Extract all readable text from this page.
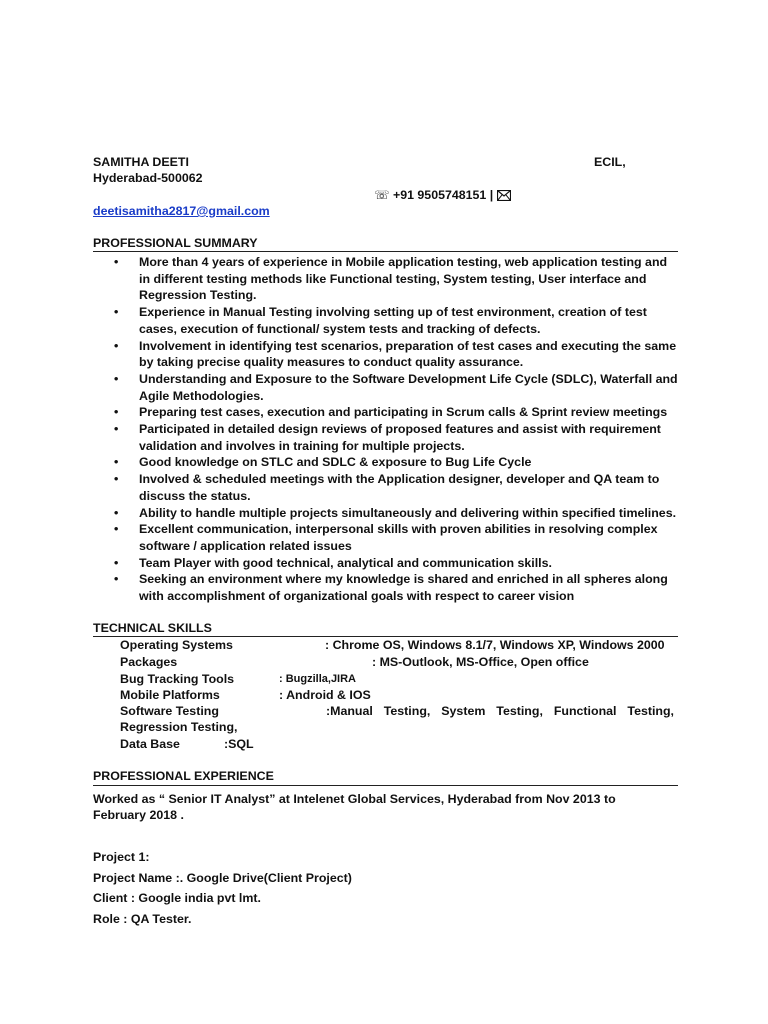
SAMITHA DEETI	ECIL,
Hyderabad-500062
☏ +91 9505748151 |
deetisamitha2817@gmail.com
PROFESSIONAL SUMMARY
• More than 4 years of experience in Mobile application testing, web application testing and in different testing methods like Functional testing, System testing, User interface and Regression Testing.
• Experience in Manual Testing involving setting up of test environment, creation of test cases, execution of functional/ system tests and tracking of defects.
• Involvement in identifying test scenarios, preparation of test cases and executing the same by taking precise quality measures to conduct quality assurance.
• Understanding and Exposure to the Software Development Life Cycle (SDLC), Waterfall and Agile Methodologies.
• Preparing test cases, execution and participating in Scrum calls & Sprint review meetings
• Participated in detailed design reviews of proposed features and assist with requirement validation and involves in training for multiple projects.
• Good knowledge on STLC and SDLC & exposure to Bug Life Cycle
• Involved & scheduled meetings with the Application designer, developer and QA team to discuss the status.
• Ability to handle multiple projects simultaneously and delivering within specified timelines.
• Excellent communication, interpersonal skills with proven abilities in resolving complex software / application related issues
• Team Player with good technical, analytical and communication skills.
• Seeking an environment where my knowledge is shared and enriched in all spheres along with accomplishment of organizational goals with respect to career vision
TECHNICAL SKILLS
Operating Systems	: Chrome OS, Windows 8.1/7, Windows XP, Windows 2000
Packages	: MS-Outlook, MS-Office, Open office
Bug Tracking Tools	: Bugzilla,JIRA
Mobile Platforms	: Android & IOS
Software Testing	:Manual Testing, System Testing, Functional Testing,
Regression Testing,
Data Base	:SQL
PROFESSIONAL EXPERIENCE
Worked as “ Senior IT Analyst” at Intelenet Global Services, Hyderabad from Nov 2013 to
February 2018 .
Project 1:
Project Name :. Google Drive(Client Project)
Client : Google india pvt lmt.
Role : QA Tester.
